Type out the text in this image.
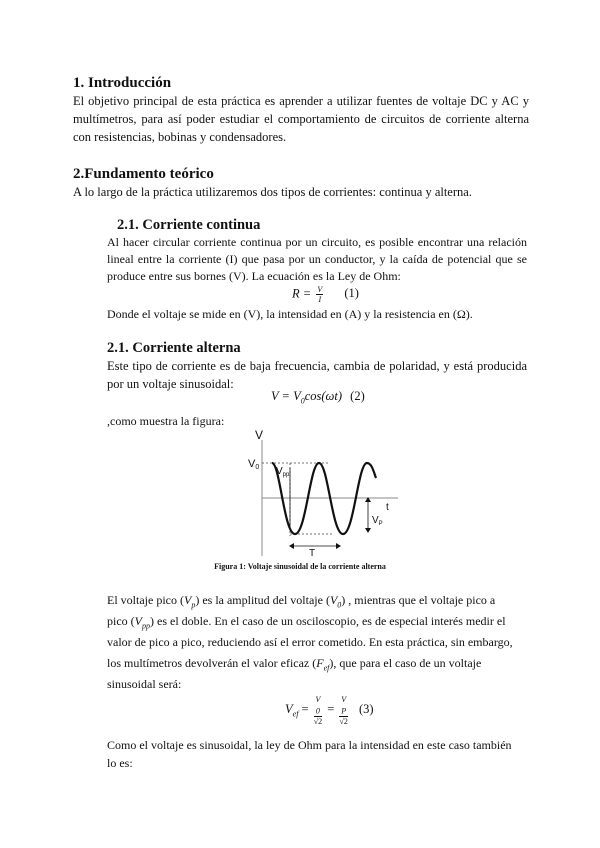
1. Introducción
El objetivo principal de esta práctica es aprender a utilizar fuentes de voltaje DC y AC y multímetros, para así poder estudiar el comportamiento de circuitos de corriente alterna con resistencias, bobinas y condensadores.
2.Fundamento teórico
A lo largo de la práctica utilizaremos dos tipos de corrientes: continua y alterna.
2.1. Corriente continua
Al hacer circular corriente continua por un circuito, es posible encontrar una relación lineal entre la corriente (I) que pasa por un conductor, y la caída de potencial que se produce entre sus bornes (V). La ecuación es la Ley de Ohm:
$R = \frac{V}{I} (1)$
Donde el voltaje se mide en (V), la intensidad en (A) y la resistencia en (Ω).
2.1. Corriente alterna
Este tipo de corriente es de baja frecuencia, cambia de polaridad, y está producida por un voltaje sinusoidal:
$V = V_0\cos(\omega t)$ (2)
,como muestra la figura:
V
V0 $V_{pp}$
t
$V_P$
T
Figura 1: Voltaje sinusoidal de la corriente alterna
El voltaje pico $(V_p)$ es la amplitud del voltaje $(V_0)$ , mientras que el voltaje pico a
pico $(V_{pp})$ es el doble. En el caso de un osciloscopio, es de especial interés medir el
valor de pico a pico, reduciendo así el error cometido. En esta práctica, sin embargo,
los multímetros devolverán el valor eficaz $(F_{ef})$, que para el caso de un voltaje
sinusoidal será:
$V_{ef} = V$
$_0$
√2 = V
$_P$
√2 (3)
Como el voltaje es sinusoidal, la ley de Ohm para la intensidad en este caso también
lo es:
